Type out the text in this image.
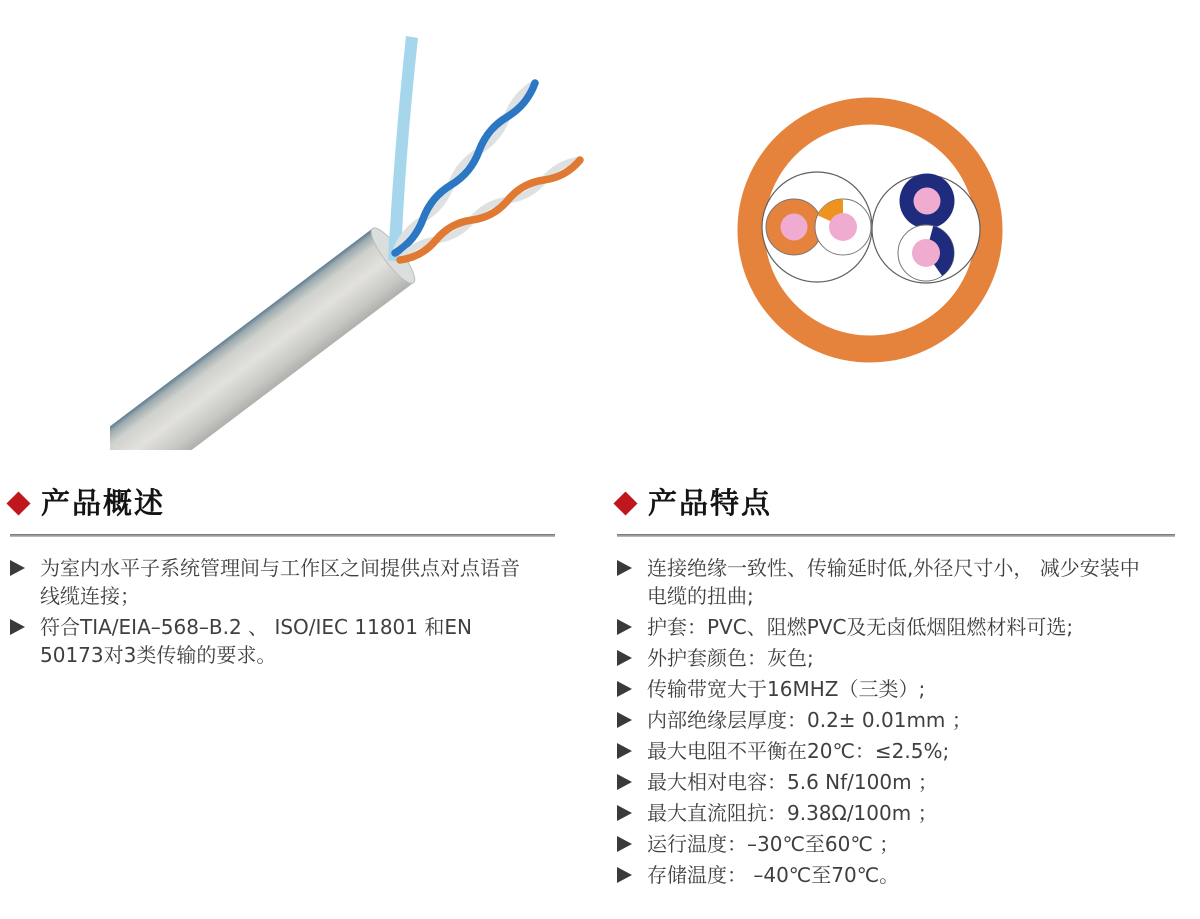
产品概述
为室内水平子系统管理间与工作区之间提供点对点语音线缆连接；
符合TIA/EIA–568–B.2 、 ISO/IEC 11801 和EN 50173对3类传输的要求。
产品特点
连接绝缘一致性、传输延时低,外径尺寸小， 减少安装中电缆的扭曲;
护套：PVC、阻燃PVC及无卤低烟阻燃材料可选;
外护套颜色：灰色;
传输带宽大于16MHZ（三类）;
内部绝缘层厚度：0.2± 0.01mm ；
最大电阻不平衡在20℃：≤2.5%;
最大相对电容：5.6 Nf/100m ；
最大直流阻抗：9.38Ω/100m ；
运行温度：–30℃至60℃ ；
存储温度： –40℃至70℃。
